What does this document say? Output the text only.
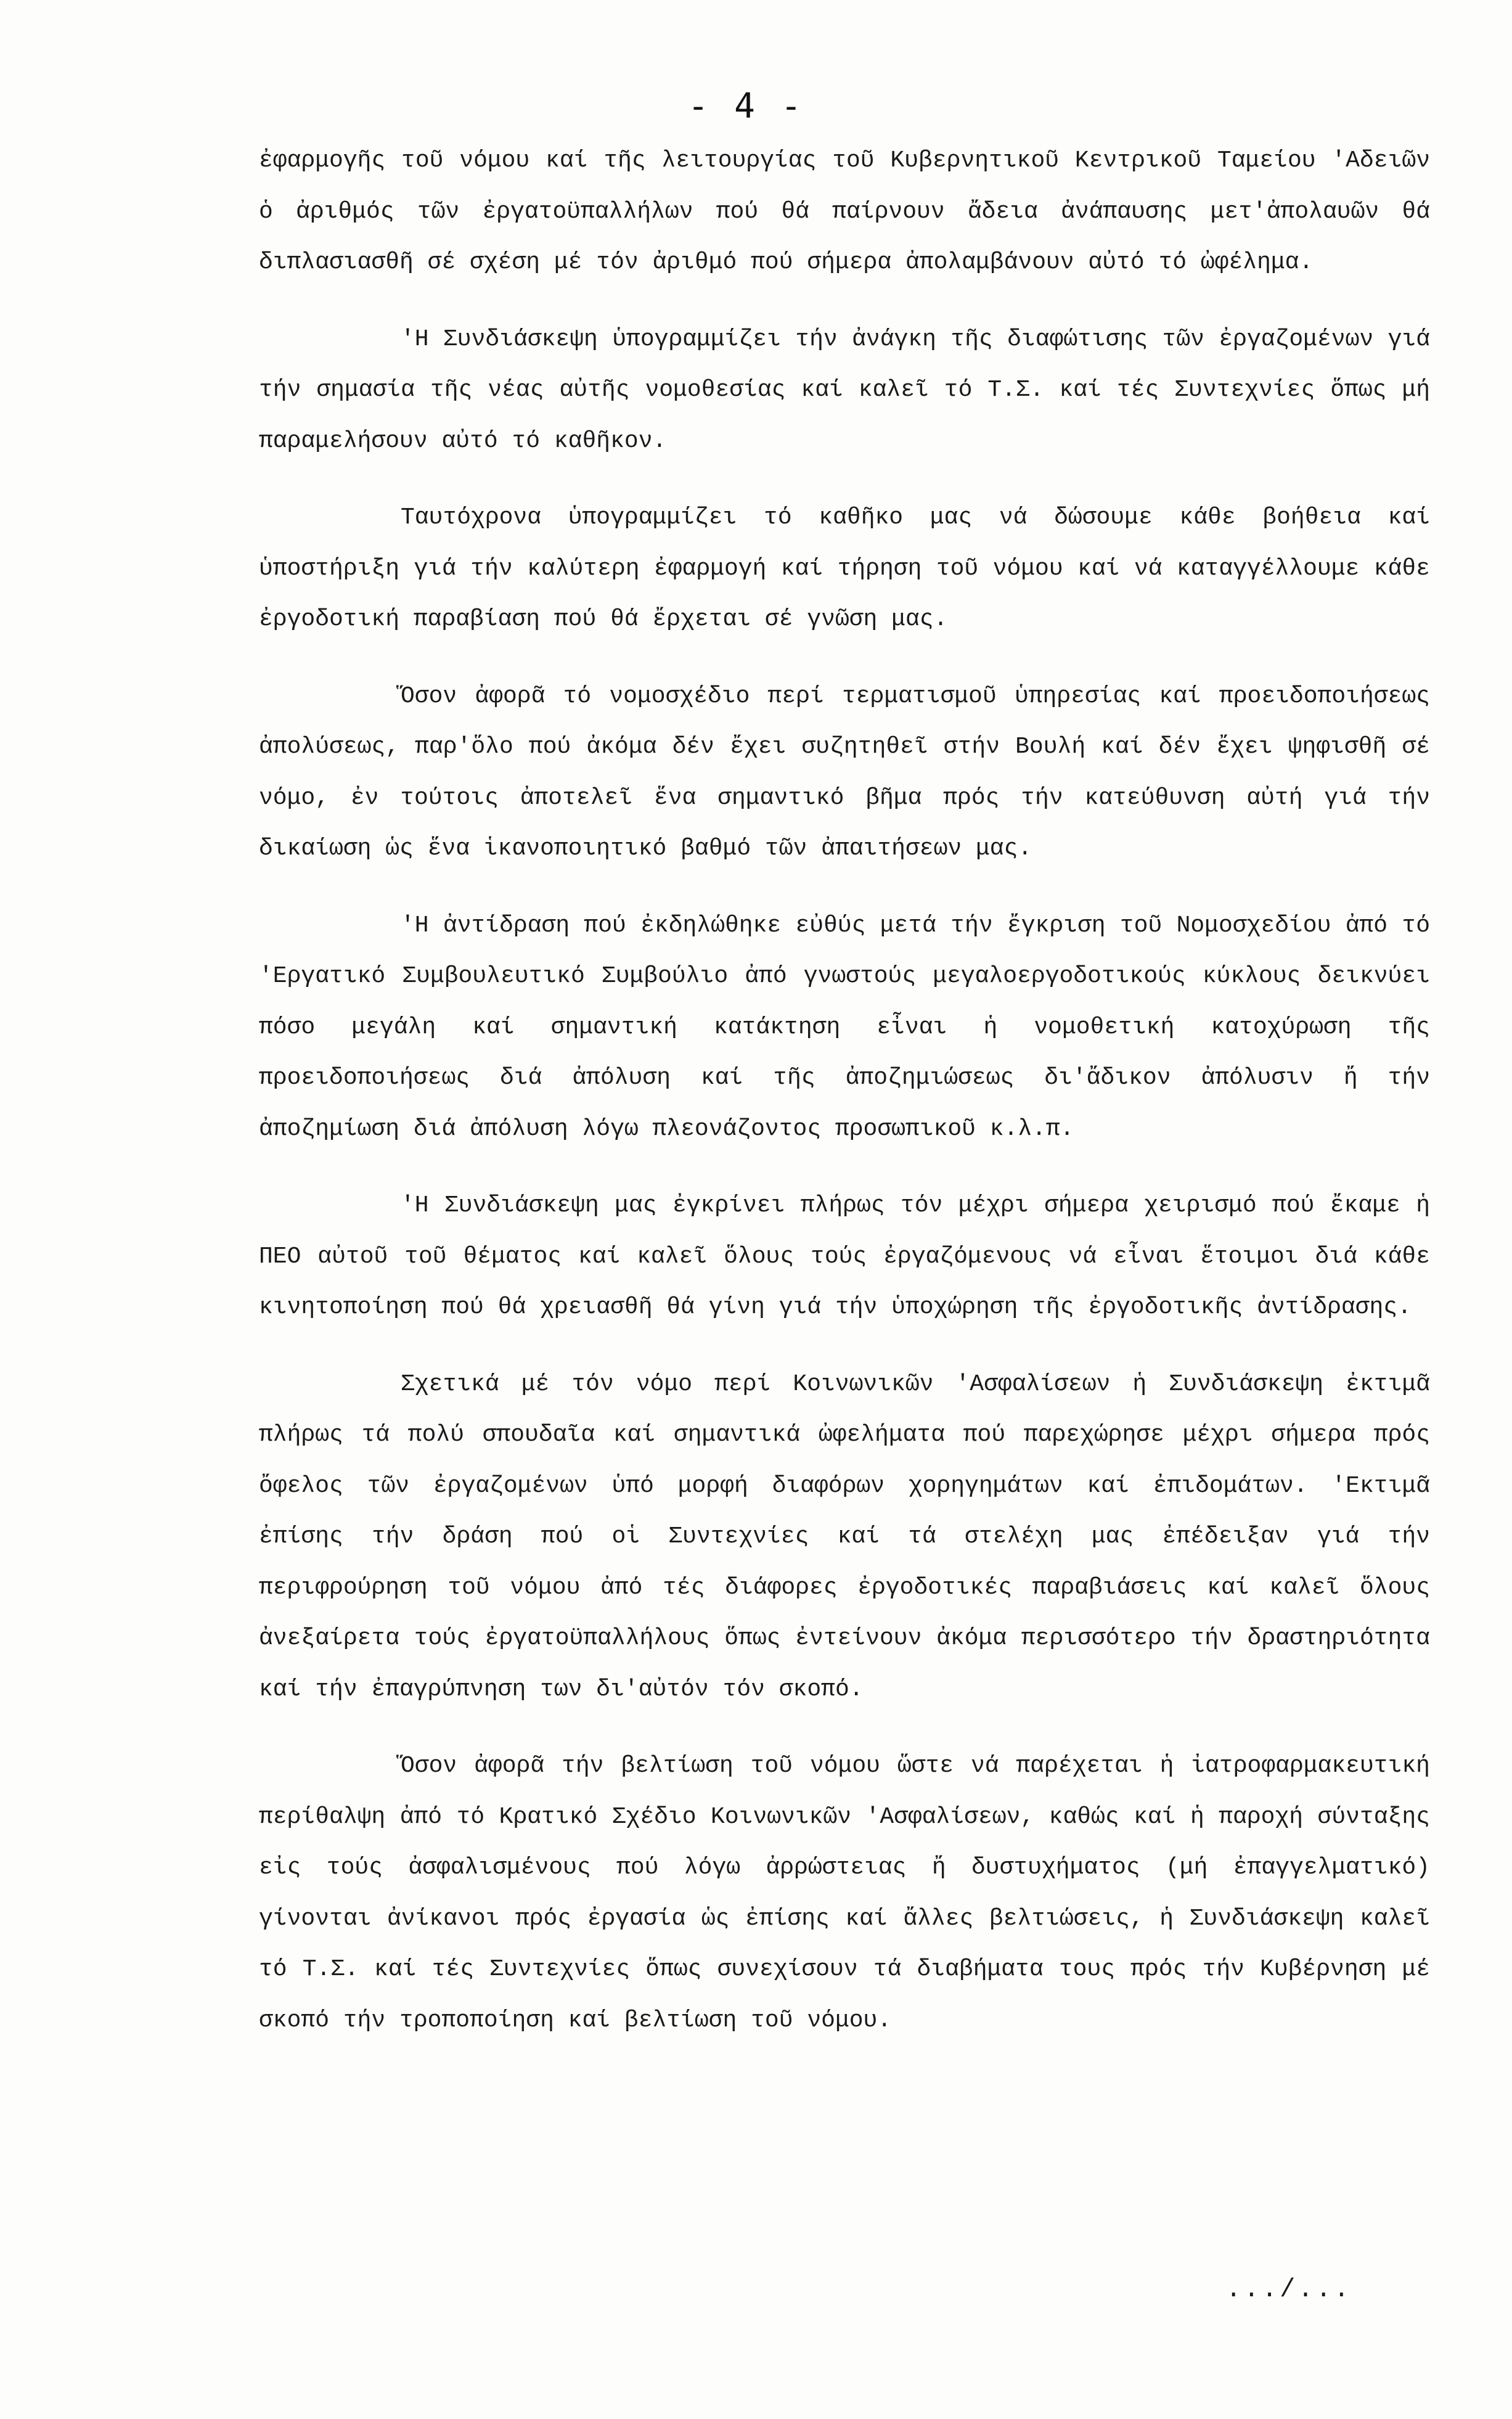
- 4 -

ἐφαρμογῆς τοῦ νόμου καί τῆς λειτουργίας τοῦ Κυβερνητικοῦ Κεντρικοῦ Ταμείου 'Αδειῶν ὁ ἀριθμός τῶν ἐργατοϋπαλλήλων πού θά παίρνουν ἄδεια ἀνάπαυσης μετ'ἀπολαυῶν θά διπλασιασθῆ σέ σχέση μέ τόν ἀριθμό πού σήμερα ἀπολαμβάνουν αὐτό τό ὠφέλημα.

'Η Συνδιάσκεψη ὑπογραμμίζει τήν ἀνάγκη τῆς διαφώτισης τῶν ἐργαζομένων γιά τήν σημασία τῆς νέας αὐτῆς νομοθεσίας καί καλεῖ τό Τ.Σ. καί τές Συντεχνίες ὅπως μή παραμελήσουν αὐτό τό καθῆκον.

Ταυτόχρονα ὑπογραμμίζει τό καθῆκο μας νά δώσουμε κάθε βοήθεια καί ὑποστήριξη γιά τήν καλύτερη ἐφαρμογή καί τήρηση τοῦ νόμου καί νά καταγγέλλουμε κάθε ἐργοδοτική παραβίαση πού θά ἔρχεται σέ γνῶση μας.

Ὅσον ἀφορᾶ τό νομοσχέδιο περί τερματισμοῦ ὑπηρεσίας καί προειδοποιήσεως ἀπολύσεως, παρ'ὅλο πού ἀκόμα δέν ἔχει συζητηθεῖ στήν Βουλή καί δέν ἔχει ψηφισθῆ σέ νόμο, ἐν τούτοις ἀποτελεῖ ἕνα σημαντικό βῆμα πρός τήν κατεύθυνση αὐτή γιά τήν δικαίωση ὡς ἕνα ἱκανοποιητικό βαθμό τῶν ἀπαιτήσεων μας.

'Η ἀντίδραση πού ἐκδηλώθηκε εὐθύς μετά τήν ἔγκριση τοῦ Νομοσχεδίου ἀπό τό 'Εργατικό Συμβουλευτικό Συμβούλιο ἀπό γνωστούς μεγαλοεργοδοτικούς κύκλους δεικνύει πόσο μεγάλη καί σημαντική κατάκτηση εἶναι ἡ νομοθετική κατοχύρωση τῆς προειδοποιήσεως διά ἀπόλυση καί τῆς ἀποζημιώσεως δι'ἄδικον ἀπόλυσιν ἤ τήν ἀποζημίωση διά ἀπόλυση λόγω πλεονάζοντος προσωπικοῦ κ.λ.π.

'Η Συνδιάσκεψη μας ἐγκρίνει πλήρως τόν μέχρι σήμερα χειρισμό πού ἔκαμε ἡ ΠΕΟ αὐτοῦ τοῦ θέματος καί καλεῖ ὅλους τούς ἐργαζόμενους νά εἶναι ἕτοιμοι διά κάθε κινητοποίηση πού θά χρειασθῆ θά γίνη γιά τήν ὑποχώρηση τῆς ἐργοδοτικῆς ἀντίδρασης.

Σχετικά μέ τόν νόμο περί Κοινωνικῶν 'Ασφαλίσεων ἡ Συνδιάσκεψη ἐκτιμᾶ πλήρως τά πολύ σπουδαῖα καί σημαντικά ὠφελήματα πού παρεχώρησε μέχρι σήμερα πρός ὄφελος τῶν ἐργαζομένων ὑπό μορφή διαφόρων χορηγημάτων καί ἐπιδομάτων. 'Εκτιμᾶ ἐπίσης τήν δράση πού οἱ Συντεχνίες καί τά στελέχη μας ἐπέδειξαν γιά τήν περιφρούρηση τοῦ νόμου ἀπό τές διάφορες ἐργοδοτικές παραβιάσεις καί καλεῖ ὅλους ἀνεξαίρετα τούς ἐργατοϋπαλλήλους ὅπως ἐντείνουν ἀκόμα περισσότερο τήν δραστηριότητα καί τήν ἐπαγρύπνηση των δι'αὐτόν τόν σκοπό.

Ὅσον ἀφορᾶ τήν βελτίωση τοῦ νόμου ὥστε νά παρέχεται ἡ ἰατροφαρμακευτική περίθαλψη ἀπό τό Κρατικό Σχέδιο Κοινωνικῶν 'Ασφαλίσεων, καθώς καί ἡ παροχή σύνταξης εἰς τούς ἀσφαλισμένους πού λόγω ἀρρώστειας ἤ δυστυχήματος (μή ἐπαγγελματικό) γίνονται ἀνίκανοι πρός ἐργασία ὡς ἐπίσης καί ἄλλες βελτιώσεις, ἡ Συνδιάσκεψη καλεῖ τό Τ.Σ. καί τές Συντεχνίες ὅπως συνεχίσουν τά διαβήματα τους πρός τήν Κυβέρνηση μέ σκοπό τήν τροποποίηση καί βελτίωση τοῦ νόμου.

.../...
